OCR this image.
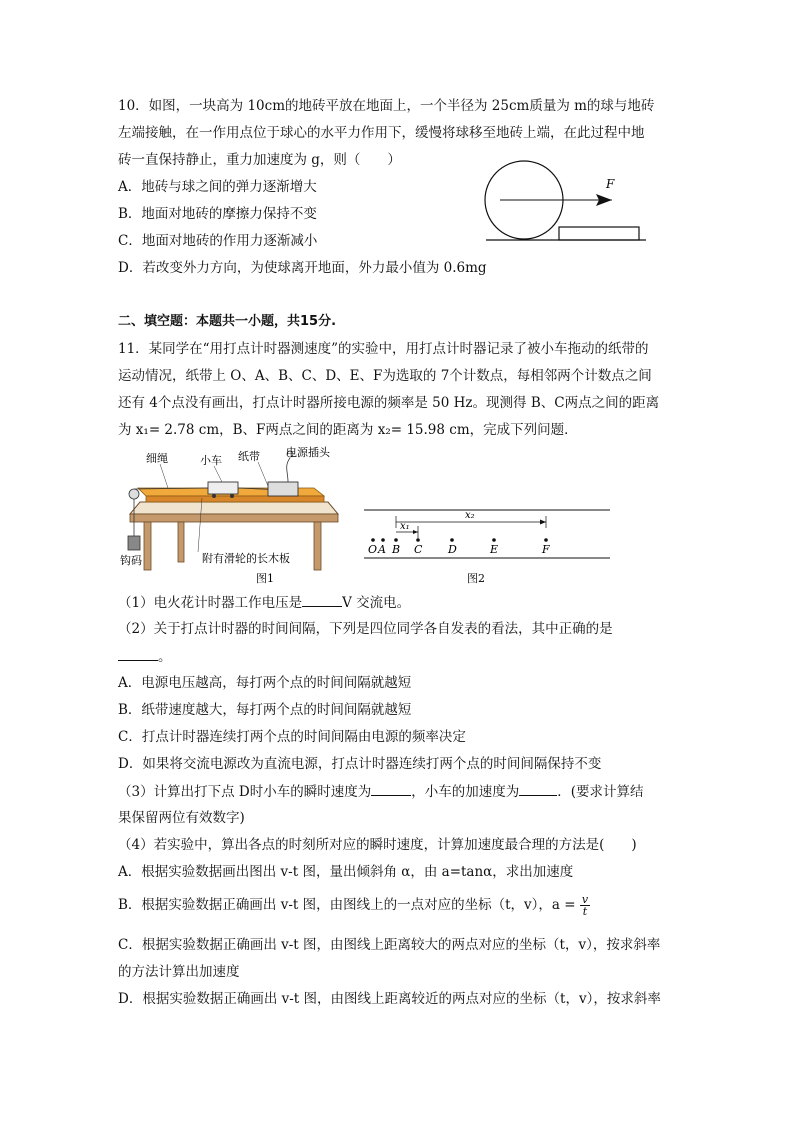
10．如图，一块高为 10cm的地砖平放在地面上，一个半径为 25cm质量为 m的球与地砖
左端接触，在一作用点位于球心的水平力作用下，缓慢将球移至地砖上端，在此过程中地
砖一直保持静止，重力加速度为 g，则（　　）
A．地砖与球之间的弹力逐渐增大
B．地面对地砖的摩擦力保持不变
C．地面对地砖的作用力逐渐减小
D．若改变外力方向，为使球离开地面，外力最小值为 0.6mg
F
二、填空题：本题共一小题，共15分.
11．某同学在“用打点计时器测速度”的实验中，用打点计时器记录了被小车拖动的纸带的
运动情况，纸带上 O、A、B、C、D、E、F为选取的 7个计数点，每相邻两个计数点之间
还有 4个点没有画出，打点计时器所接电源的频率是 50 Hz。现测得 B、C两点之间的距离
为 x₁= 2.78 cm，B、F两点之间的距离为 x₂= 15.98 cm，完成下列问题．
细绳	小车 纸带 电源插头
钩码	附有滑轮的长木板
图1
x₂
x₁
O A B C D	E	F
图2
（1）电火花计时器工作电压是	V 交流电。
（2）关于打点计时器的时间间隔，下列是四位同学各自发表的看法，其中正确的是
。
A．电源电压越高，每打两个点的时间间隔就越短
B．纸带速度越大，每打两个点的时间间隔就越短
C．打点计时器连续打两个点的时间间隔由电源的频率决定
D．如果将交流电源改为直流电源，打点计时器连续打两个点的时间间隔保持不变
（3）计算出打下点 D时小车的瞬时速度为	，小车的加速度为	．(要求计算结
果保留两位有效数字)
（4）若实验中，算出各点的时刻所对应的瞬时速度，计算加速度最合理的方法是(　　)
A．根据实验数据画出图出 v-t 图，量出倾斜角 α，由 a=tanα，求出加速度
B．根据实验数据正确画出 v-t 图，由图线上的一点对应的坐标（t，v），$a = \frac{v}{t}$
C．根据实验数据正确画出 v-t 图，由图线上距离较大的两点对应的坐标（t，v），按求斜率
的方法计算出加速度
D．根据实验数据正确画出 v-t 图，由图线上距离较近的两点对应的坐标（t，v），按求斜率
